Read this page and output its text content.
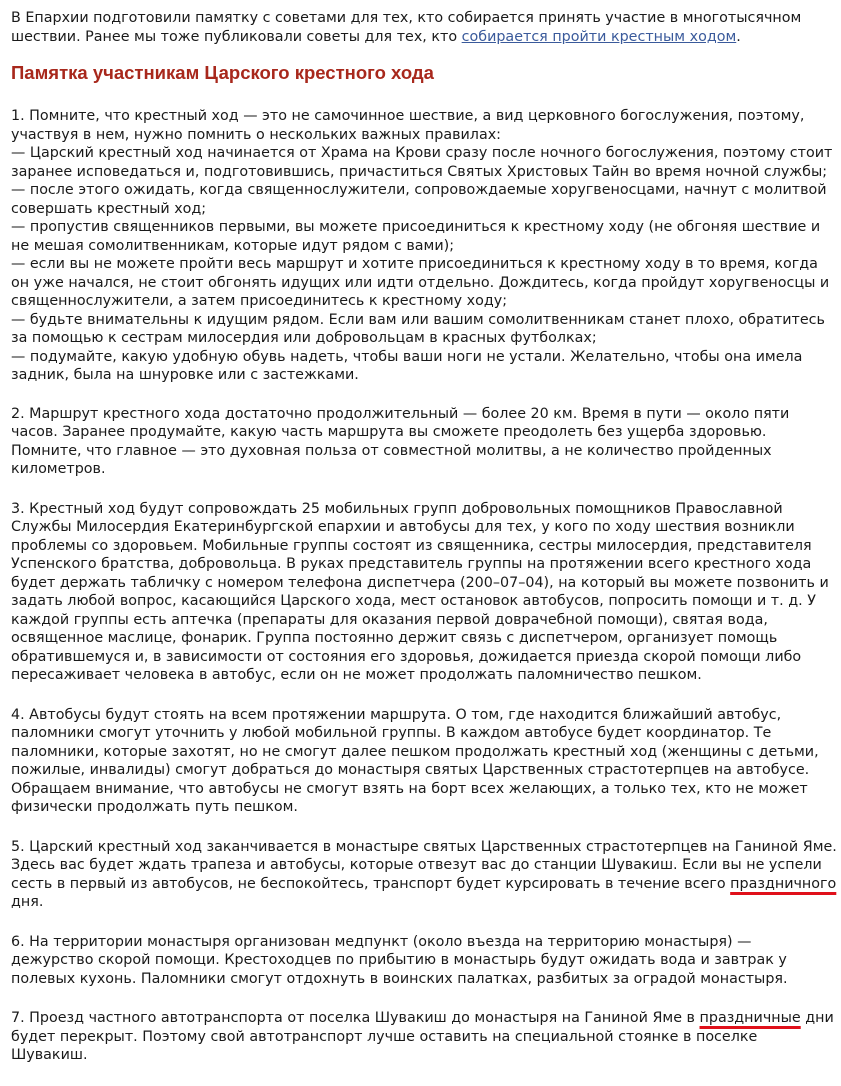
В Епархии подготовили памятку с советами для тех, кто собирается принять участие в многотысячном шествии. Ранее мы тоже публиковали советы для тех, кто собирается пройти крестным ходом.

Памятка участникам Царского крестного хода
1. Помните, что крестный ход — это не самочинное шествие, а вид церковного богослужения, поэтому, участвуя в нем, нужно помнить о нескольких важных правилах:
— Царский крестный ход начинается от Храма на Крови сразу после ночного богослужения, поэтому стоит заранее исповедаться и, подготовившись, причаститься Святых Христовых Тайн во время ночной службы;
— после этого ожидать, когда священнослужители, сопровождаемые хоругвеносцами, начнут с молитвой совершать крестный ход;
— пропустив священников первыми, вы можете присоединиться к крестному ходу (не обгоняя шествие и не мешая сомолитвенникам, которые идут рядом с вами);
— если вы не можете пройти весь маршрут и хотите присоединиться к крестному ходу в то время, когда он уже начался, не стоит обгонять идущих или идти отдельно. Дождитесь, когда пройдут хоругвеносцы и священнослужители, а затем присоединитесь к крестному ходу;
— будьте внимательны к идущим рядом. Если вам или вашим сомолитвенникам станет плохо, обратитесь за помощью к сестрам милосердия или добровольцам в красных футболках;
— подумайте, какую удобную обувь надеть, чтобы ваши ноги не устали. Желательно, чтобы она имела задник, была на шнуровке или с застежками.
2. Маршрут крестного хода достаточно продолжительный — более 20 км. Время в пути — около пяти часов. Заранее продумайте, какую часть маршрута вы сможете преодолеть без ущерба здоровью. Помните, что главное — это духовная польза от совместной молитвы, а не количество пройденных километров.
3. Крестный ход будут сопровождать 25 мобильных групп добровольных помощников Православной Службы Милосердия Екатеринбургской епархии и автобусы для тех, у кого по ходу шествия возникли проблемы со здоровьем. Мобильные группы состоят из священника, сестры милосердия, представителя Успенского братства, добровольца. В руках представитель группы на протяжении всего крестного хода будет держать табличку с номером телефона диспетчера (200–07–04), на который вы можете позвонить и задать любой вопрос, касающийся Царского хода, мест остановок автобусов, попросить помощи и т. д. У каждой группы есть аптечка (препараты для оказания первой доврачебной помощи), святая вода, освященное маслице, фонарик. Группа постоянно держит связь с диспетчером, организует помощь обратившемуся и, в зависимости от состояния его здоровья, дожидается приезда скорой помощи либо пересаживает человека в автобус, если он не может продолжать паломничество пешком.
4. Автобусы будут стоять на всем протяжении маршрута. О том, где находится ближайший автобус, паломники смогут уточнить у любой мобильной группы. В каждом автобусе будет координатор. Те паломники, которые захотят, но не смогут далее пешком продолжать крестный ход (женщины с детьми, пожилые, инвалиды) смогут добраться до монастыря святых Царственных страстотерпцев на автобусе. Обращаем внимание, что автобусы не смогут взять на борт всех желающих, а только тех, кто не может физически продолжать путь пешком.
5. Царский крестный ход заканчивается в монастыре святых Царственных страстотерпцев на Ганиной Яме. Здесь вас будет ждать трапеза и автобусы, которые отвезут вас до станции Шувакиш. Если вы не успели сесть в первый из автобусов, не беспокойтесь, транспорт будет курсировать в течение всего праздничного дня.
6. На территории монастыря организован медпункт (около въезда на территорию монастыря) — дежурство скорой помощи. Крестоходцев по прибытию в монастырь будут ожидать вода и завтрак у полевых кухонь. Паломники смогут отдохнуть в воинских палатках, разбитых за оградой монастыря.
7. Проезд частного автотранспорта от поселка Шувакиш до монастыря на Ганиной Яме в праздничные дни будет перекрыт. Поэтому свой автотранспорт лучше оставить на специальной стоянке в поселке Шувакиш.
